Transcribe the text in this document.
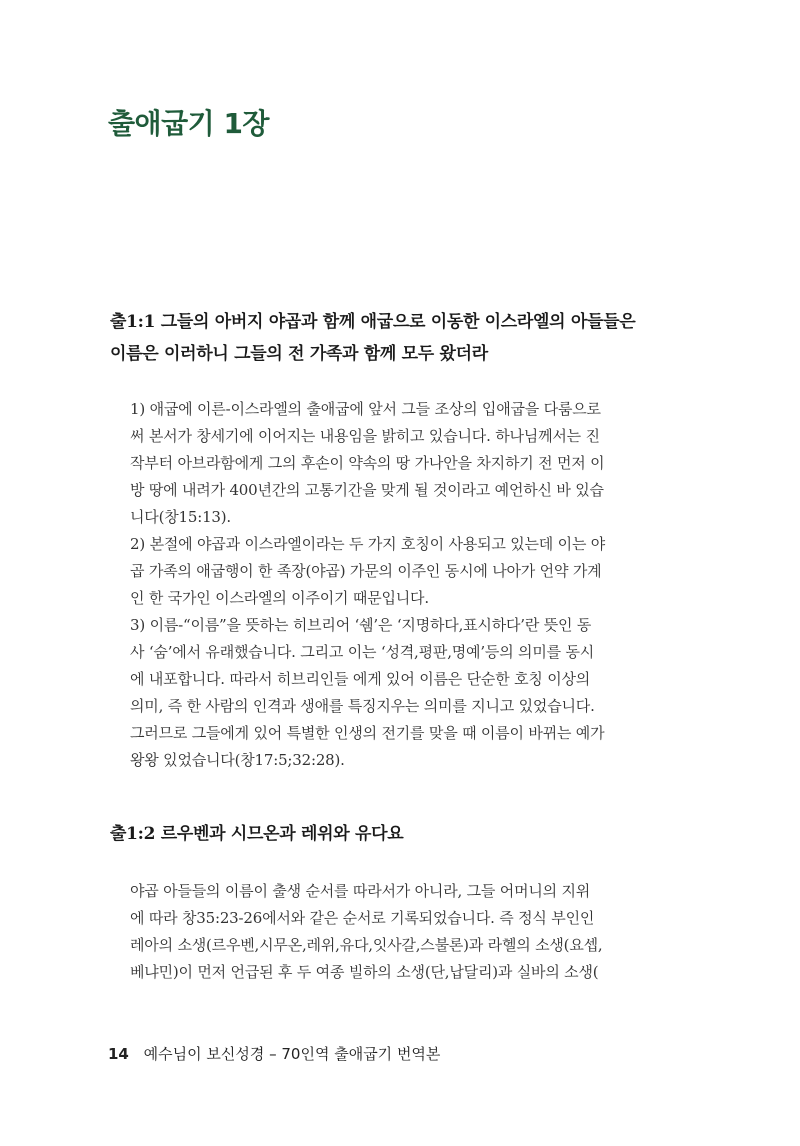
출애굽기 1장
출1:1 그들의 아버지 야곱과 함께 애굽으로 이동한 이스라엘의 아들들은
이름은 이러하니 그들의 전 가족과 함께 모두 왔더라
1) 애굽에 이른-이스라엘의 출애굽에 앞서 그들 조상의 입애굽을 다룸으로
써 본서가 창세기에 이어지는 내용임을 밝히고 있습니다. 하나님께서는 진
작부터 아브라함에게 그의 후손이 약속의 땅 가나안을 차지하기 전 먼저 이
방 땅에 내려가 400년간의 고통기간을 맞게 될 것이라고 예언하신 바 있습
니다(창15:13).
2) 본절에 야곱과 이스라엘이라는 두 가지 호칭이 사용되고 있는데 이는 야
곱 가족의 애굽행이 한 족장(야곱) 가문의 이주인 동시에 나아가 언약 가계
인 한 국가인 이스라엘의 이주이기 때문입니다.
3) 이름-“이름”을 뜻하는 히브리어 ‘쉠’은 ‘지명하다,표시하다’란 뜻인 동
사 ‘숨’에서 유래했습니다. 그리고 이는 ‘성격,평판,명예’등의 의미를 동시
에 내포합니다. 따라서 히브리인들 에게 있어 이름은 단순한 호칭 이상의
의미, 즉 한 사람의 인격과 생애를 특징지우는 의미를 지니고 있었습니다.
그러므로 그들에게 있어 특별한 인생의 전기를 맞을 때 이름이 바뀌는 예가
왕왕 있었습니다(창17:5;32:28).
출1:2 르우벤과 시므온과 레위와 유다요
야곱 아들들의 이름이 출생 순서를 따라서가 아니라, 그들 어머니의 지위
에 따라 창35:23-26에서와 같은 순서로 기록되었습니다. 즉 정식 부인인
레아의 소생(르우벤,시무온,레위,유다,잇사갈,스불론)과 라헬의 소생(요셉,
베냐민)이 먼저 언급된 후 두 여종 빌하의 소생(단,납달리)과 실바의 소생(
14 예수님이 보신성경 – 70인역 출애굽기 번역본
